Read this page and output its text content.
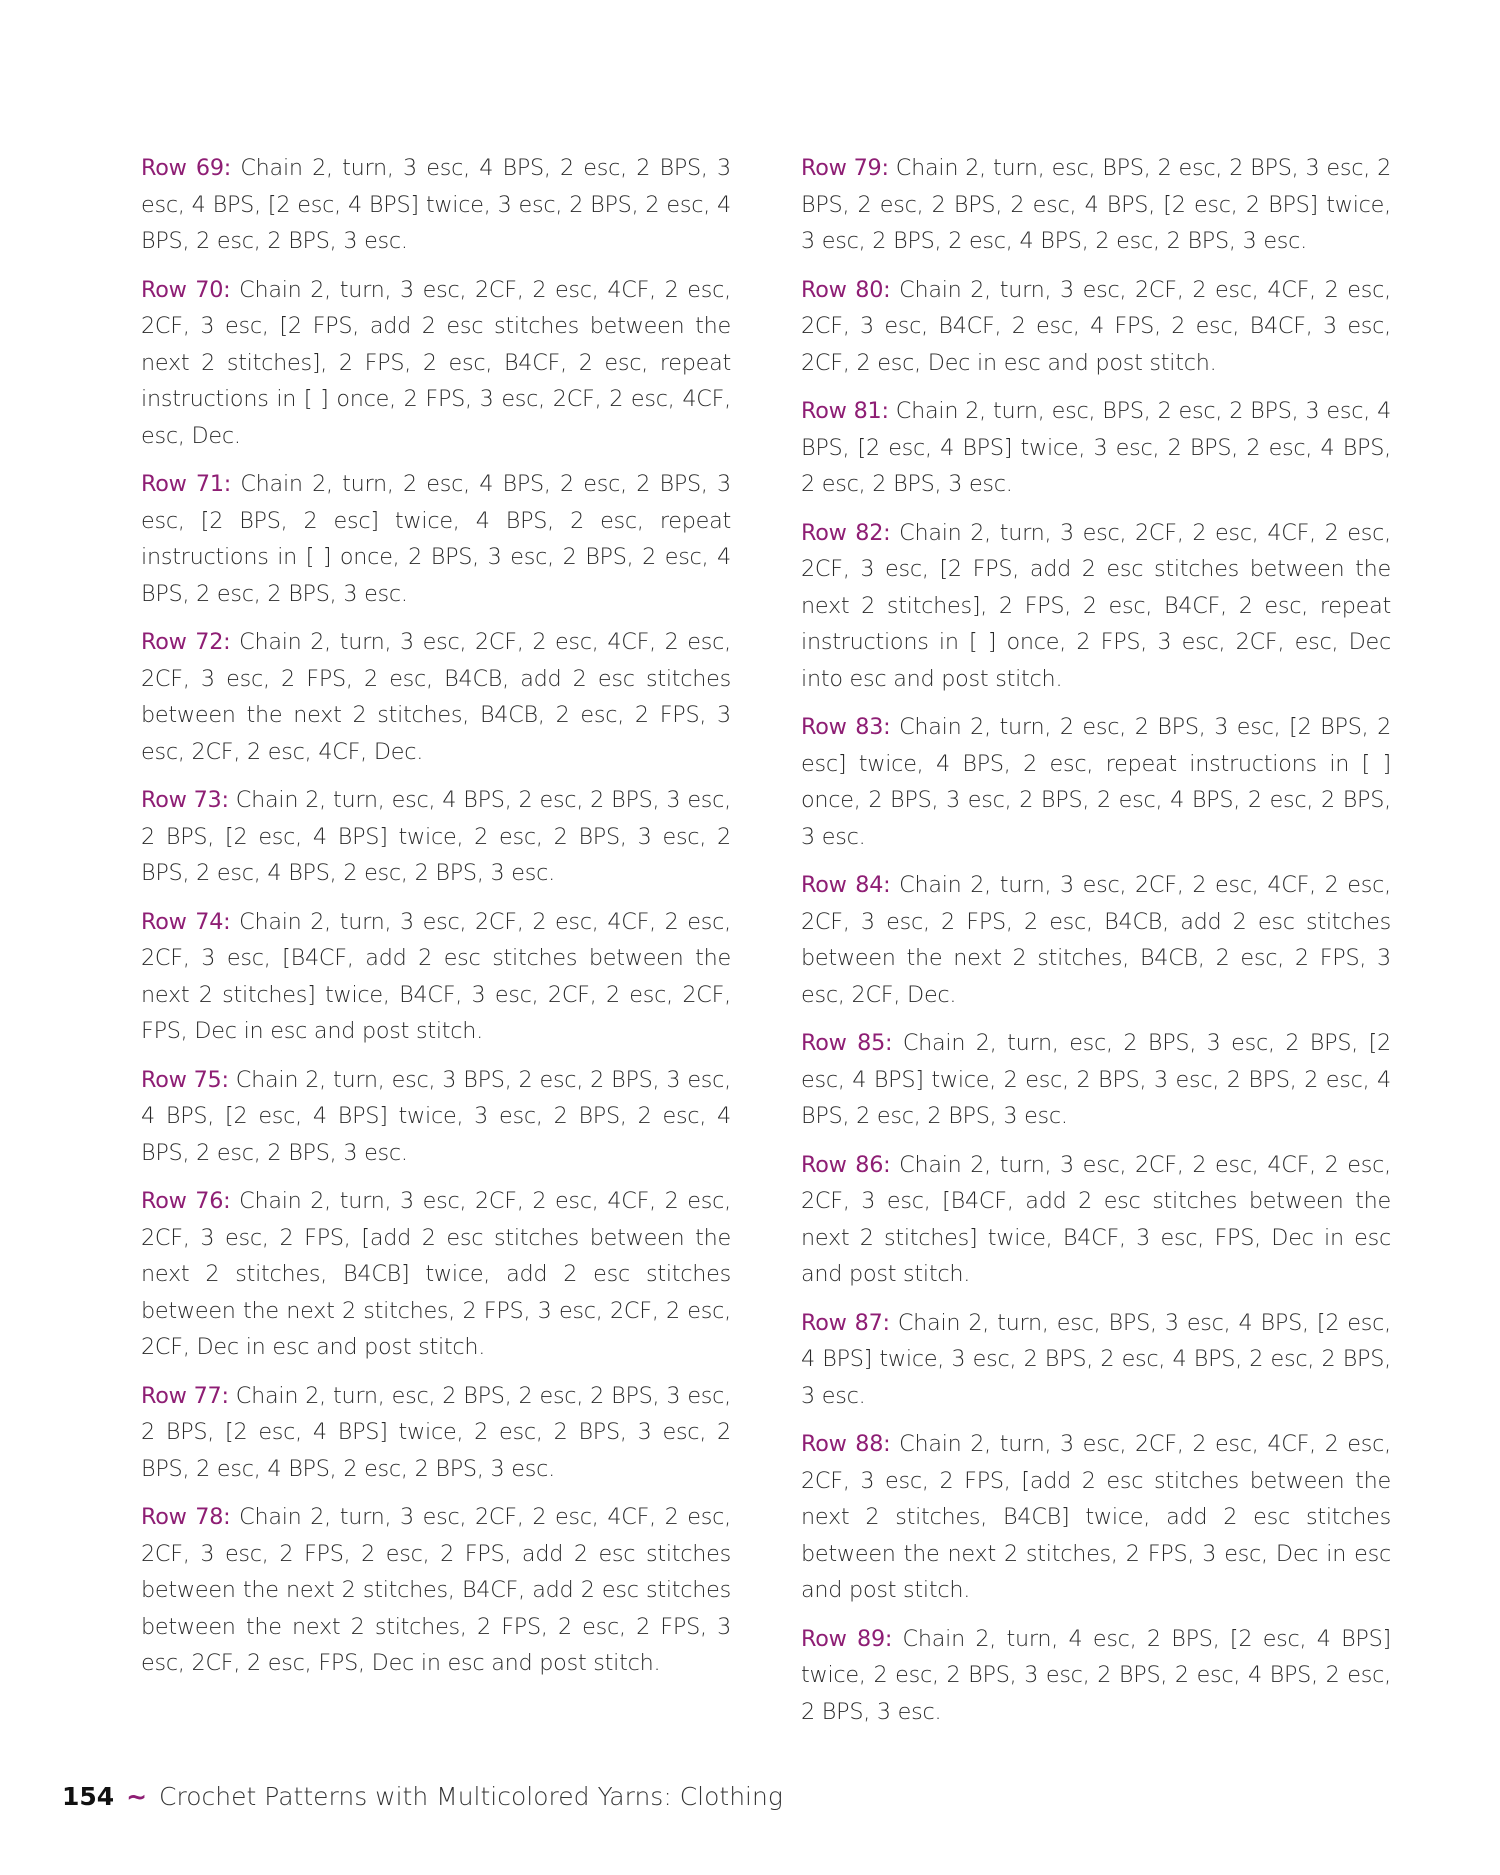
Row 69: Chain 2, turn, 3 esc, 4 BPS, 2 esc, 2 BPS, 3 esc, 4 BPS, [2 esc, 4 BPS] twice, 3 esc, 2 BPS, 2 esc, 4 BPS, 2 esc, 2 BPS, 3 esc.

Row 70: Chain 2, turn, 3 esc, 2CF, 2 esc, 4CF, 2 esc, 2CF, 3 esc, [2 FPS, add 2 esc stitches between the next 2 stitches], 2 FPS, 2 esc, B4CF, 2 esc, repeat instructions in [ ] once, 2 FPS, 3 esc, 2CF, 2 esc, 4CF, esc, Dec.

Row 71: Chain 2, turn, 2 esc, 4 BPS, 2 esc, 2 BPS, 3 esc, [2 BPS, 2 esc] twice, 4 BPS, 2 esc, repeat instructions in [ ] once, 2 BPS, 3 esc, 2 BPS, 2 esc, 4 BPS, 2 esc, 2 BPS, 3 esc.

Row 72: Chain 2, turn, 3 esc, 2CF, 2 esc, 4CF, 2 esc, 2CF, 3 esc, 2 FPS, 2 esc, B4CB, add 2 esc stitches between the next 2 stitches, B4CB, 2 esc, 2 FPS, 3 esc, 2CF, 2 esc, 4CF, Dec.

Row 73: Chain 2, turn, esc, 4 BPS, 2 esc, 2 BPS, 3 esc, 2 BPS, [2 esc, 4 BPS] twice, 2 esc, 2 BPS, 3 esc, 2 BPS, 2 esc, 4 BPS, 2 esc, 2 BPS, 3 esc.

Row 74: Chain 2, turn, 3 esc, 2CF, 2 esc, 4CF, 2 esc, 2CF, 3 esc, [B4CF, add 2 esc stitches between the next 2 stitches] twice, B4CF, 3 esc, 2CF, 2 esc, 2CF, FPS, Dec in esc and post stitch.

Row 75: Chain 2, turn, esc, 3 BPS, 2 esc, 2 BPS, 3 esc, 4 BPS, [2 esc, 4 BPS] twice, 3 esc, 2 BPS, 2 esc, 4 BPS, 2 esc, 2 BPS, 3 esc.

Row 76: Chain 2, turn, 3 esc, 2CF, 2 esc, 4CF, 2 esc, 2CF, 3 esc, 2 FPS, [add 2 esc stitches between the next 2 stitches, B4CB] twice, add 2 esc stitches between the next 2 stitches, 2 FPS, 3 esc, 2CF, 2 esc, 2CF, Dec in esc and post stitch.

Row 77: Chain 2, turn, esc, 2 BPS, 2 esc, 2 BPS, 3 esc, 2 BPS, [2 esc, 4 BPS] twice, 2 esc, 2 BPS, 3 esc, 2 BPS, 2 esc, 4 BPS, 2 esc, 2 BPS, 3 esc.

Row 78: Chain 2, turn, 3 esc, 2CF, 2 esc, 4CF, 2 esc, 2CF, 3 esc, 2 FPS, 2 esc, 2 FPS, add 2 esc stitches between the next 2 stitches, B4CF, add 2 esc stitches between the next 2 stitches, 2 FPS, 2 esc, 2 FPS, 3 esc, 2CF, 2 esc, FPS, Dec in esc and post stitch.

Row 79: Chain 2, turn, esc, BPS, 2 esc, 2 BPS, 3 esc, 2 BPS, 2 esc, 2 BPS, 2 esc, 4 BPS, [2 esc, 2 BPS] twice, 3 esc, 2 BPS, 2 esc, 4 BPS, 2 esc, 2 BPS, 3 esc.

Row 80: Chain 2, turn, 3 esc, 2CF, 2 esc, 4CF, 2 esc, 2CF, 3 esc, B4CF, 2 esc, 4 FPS, 2 esc, B4CF, 3 esc, 2CF, 2 esc, Dec in esc and post stitch.

Row 81: Chain 2, turn, esc, BPS, 2 esc, 2 BPS, 3 esc, 4 BPS, [2 esc, 4 BPS] twice, 3 esc, 2 BPS, 2 esc, 4 BPS, 2 esc, 2 BPS, 3 esc.

Row 82: Chain 2, turn, 3 esc, 2CF, 2 esc, 4CF, 2 esc, 2CF, 3 esc, [2 FPS, add 2 esc stitches between the next 2 stitches], 2 FPS, 2 esc, B4CF, 2 esc, repeat instructions in [ ] once, 2 FPS, 3 esc, 2CF, esc, Dec into esc and post stitch.

Row 83: Chain 2, turn, 2 esc, 2 BPS, 3 esc, [2 BPS, 2 esc] twice, 4 BPS, 2 esc, repeat instructions in [ ] once, 2 BPS, 3 esc, 2 BPS, 2 esc, 4 BPS, 2 esc, 2 BPS, 3 esc.

Row 84: Chain 2, turn, 3 esc, 2CF, 2 esc, 4CF, 2 esc, 2CF, 3 esc, 2 FPS, 2 esc, B4CB, add 2 esc stitches between the next 2 stitches, B4CB, 2 esc, 2 FPS, 3 esc, 2CF, Dec.

Row 85: Chain 2, turn, esc, 2 BPS, 3 esc, 2 BPS, [2 esc, 4 BPS] twice, 2 esc, 2 BPS, 3 esc, 2 BPS, 2 esc, 4 BPS, 2 esc, 2 BPS, 3 esc.

Row 86: Chain 2, turn, 3 esc, 2CF, 2 esc, 4CF, 2 esc, 2CF, 3 esc, [B4CF, add 2 esc stitches between the next 2 stitches] twice, B4CF, 3 esc, FPS, Dec in esc and post stitch.

Row 87: Chain 2, turn, esc, BPS, 3 esc, 4 BPS, [2 esc, 4 BPS] twice, 3 esc, 2 BPS, 2 esc, 4 BPS, 2 esc, 2 BPS, 3 esc.

Row 88: Chain 2, turn, 3 esc, 2CF, 2 esc, 4CF, 2 esc, 2CF, 3 esc, 2 FPS, [add 2 esc stitches between the next 2 stitches, B4CB] twice, add 2 esc stitches between the next 2 stitches, 2 FPS, 3 esc, Dec in esc and post stitch.

Row 89: Chain 2, turn, 4 esc, 2 BPS, [2 esc, 4 BPS] twice, 2 esc, 2 BPS, 3 esc, 2 BPS, 2 esc, 4 BPS, 2 esc, 2 BPS, 3 esc.

154 ~ Crochet Patterns with Multicolored Yarns: Clothing
